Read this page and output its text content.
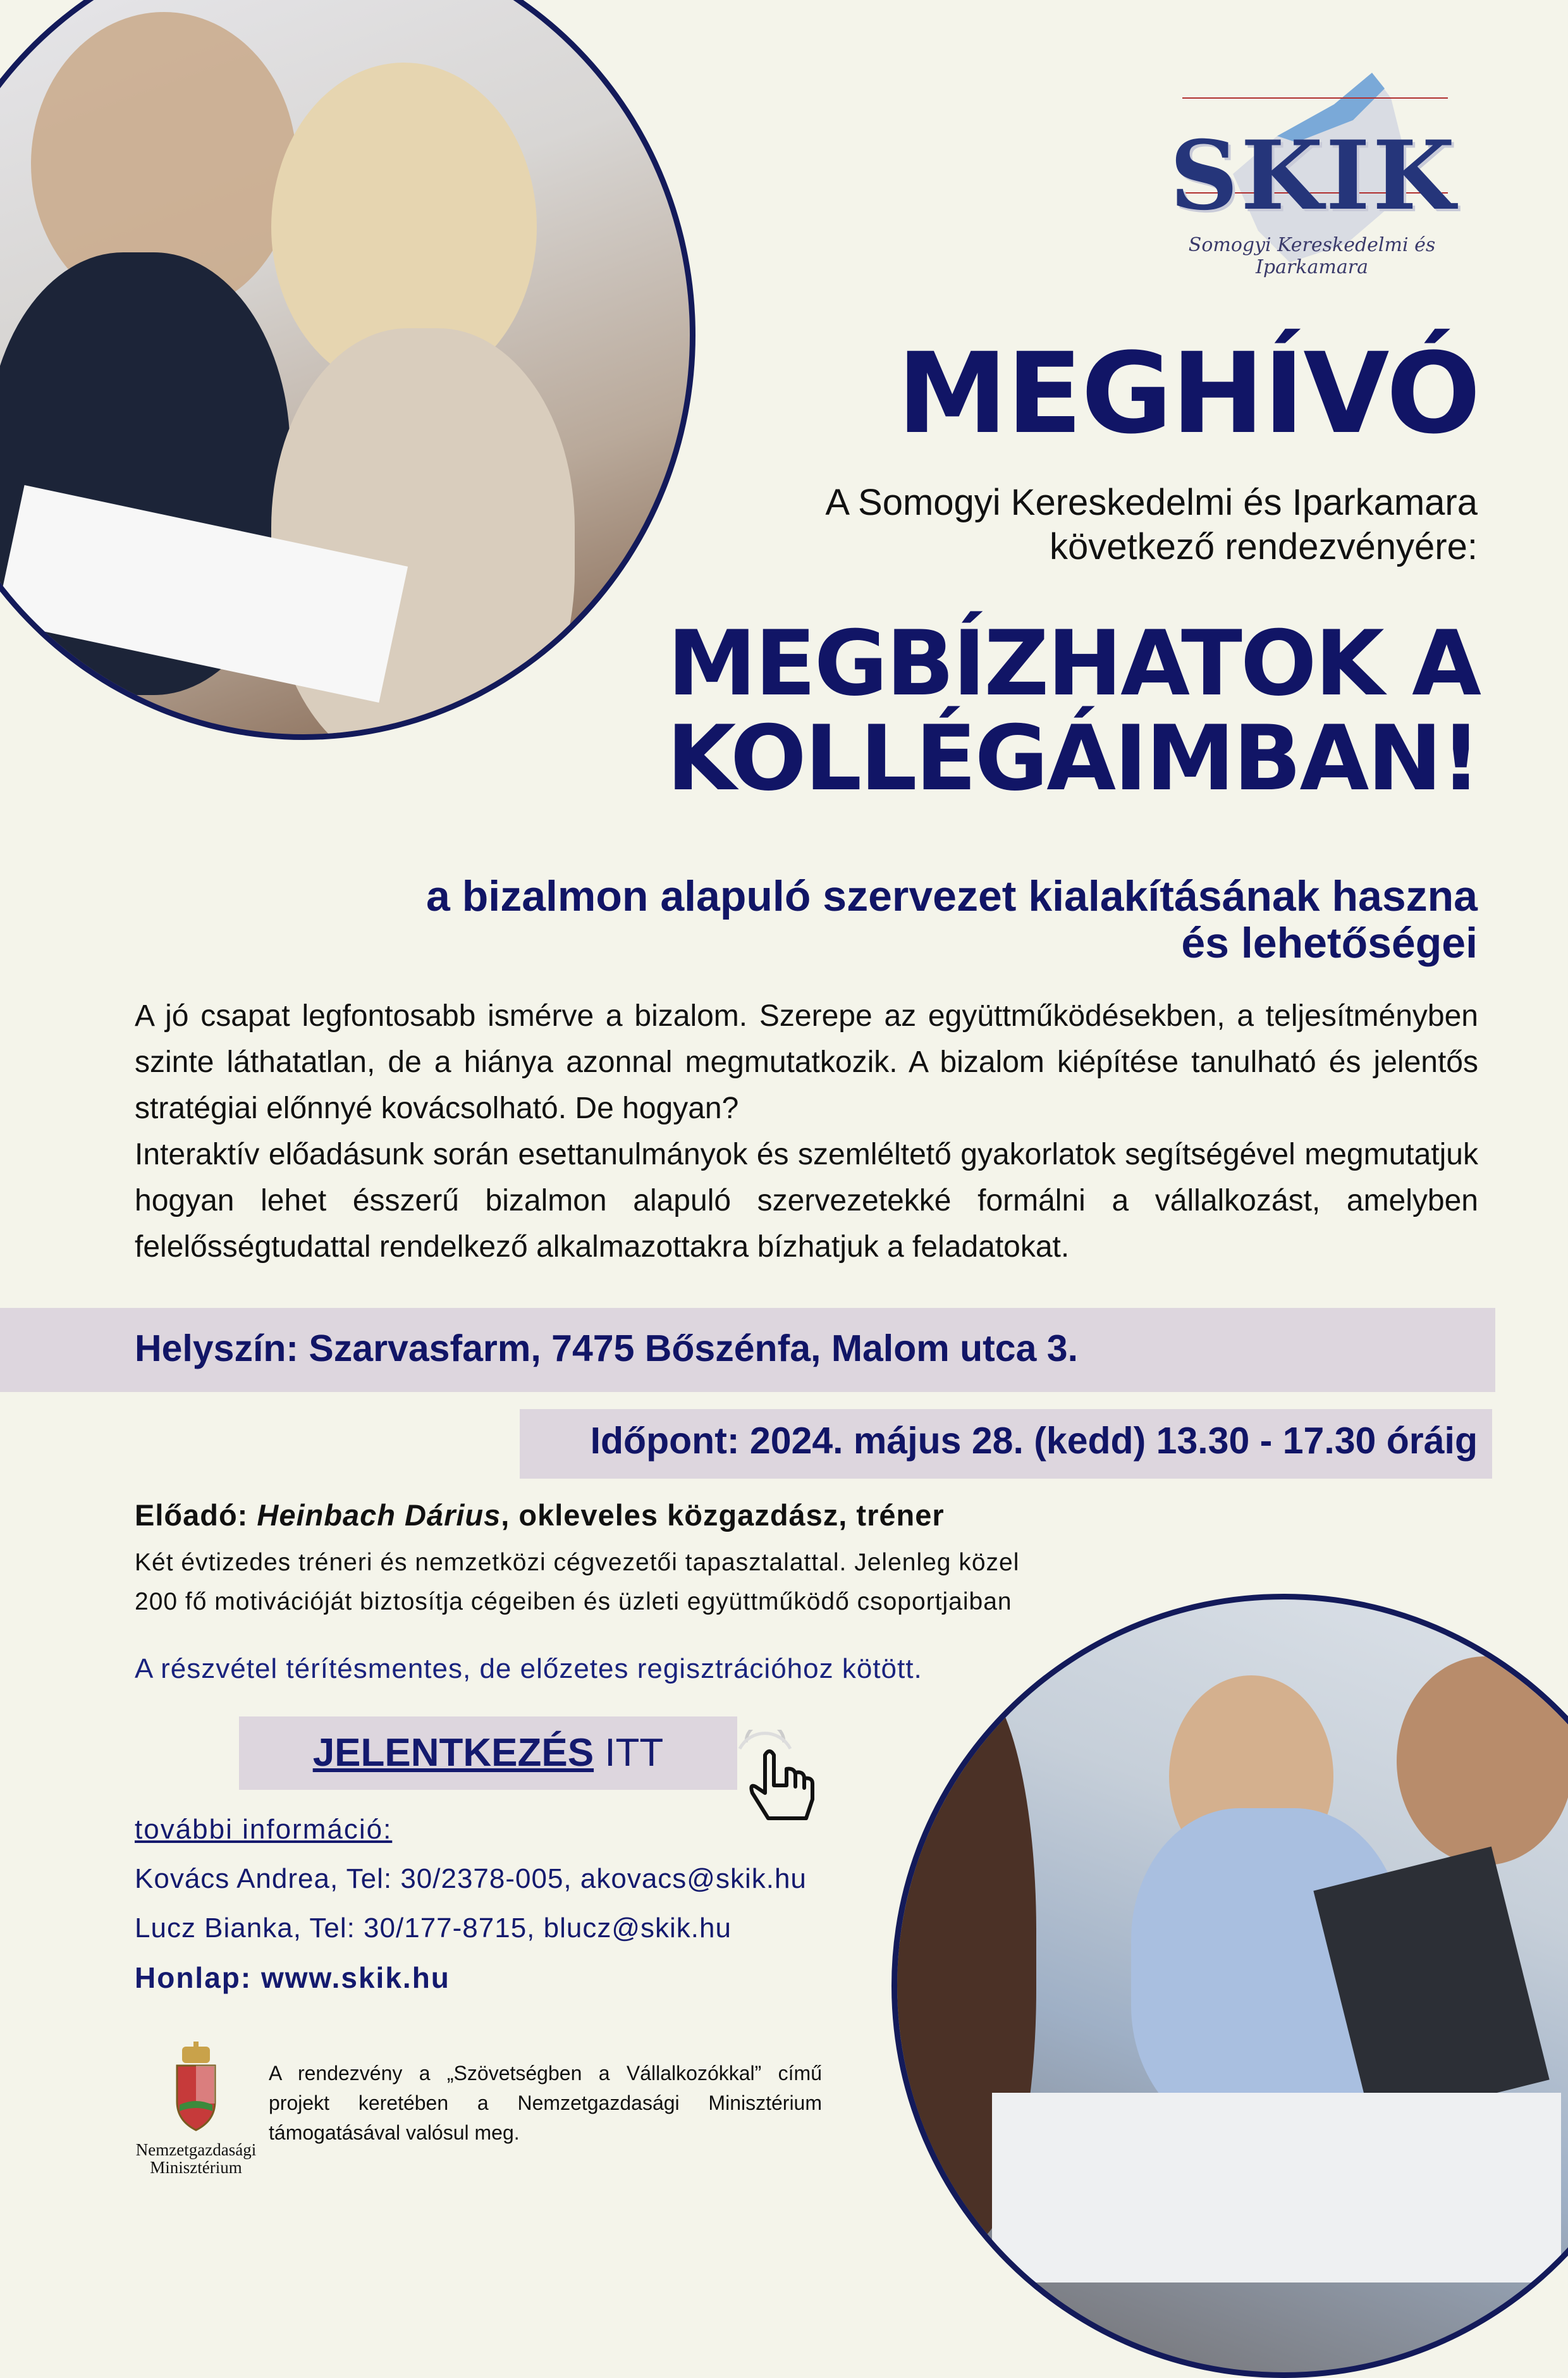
SKIK
Somogyi Kereskedelmi és Iparkamara
MEGHÍVÓ
A Somogyi Kereskedelmi és Iparkamara
következő rendezvényére:
MEGBÍZHATOK A
KOLLÉGÁIMBAN!
a bizalmon alapuló szervezet kialakításának haszna
és lehetőségei

A jó csapat legfontosabb ismérve a bizalom. Szerepe az együttműködésekben, a teljesítményben szinte láthatatlan, de a hiánya azonnal megmutatkozik. A bizalom kiépítése tanulható és jelentős stratégiai előnnyé kovácsolható. De hogyan?

Interaktív előadásunk során esettanulmányok és szemléltető gyakorlatok segítségével megmutatjuk hogyan lehet ésszerű bizalmon alapuló szervezetekké formálni a vállalkozást, amelyben felelősségtudattal rendelkező alkalmazottakra bízhatjuk a feladatokat.

Helyszín: Szarvasfarm, 7475 Bőszénfa, Malom utca 3.
Időpont: 2024. május 28. (kedd) 13.30 - 17.30 óráig
Előadó: Heinbach Dárius, okleveles közgazdász, tréner
Két évtizedes tréneri és nemzetközi cégvezetői tapasztalattal. Jelenleg közel
200 fő motivációját biztosítja cégeiben és üzleti együttműködő csoportjaiban
A részvétel térítésmentes, de előzetes regisztrációhoz kötött.
JELENTKEZÉS ITT
további információ:
Kovács Andrea, Tel: 30/2378-005, akovacs@skik.hu
Lucz Bianka, Tel: 30/177-8715, blucz@skik.hu
Honlap: www.skik.hu
Nemzetgazdasági
Minisztérium
A rendezvény a „Szövetségben a Vállalkozókkal” című projekt keretében a Nemzetgazdasági Minisztérium támogatásával valósul meg.
